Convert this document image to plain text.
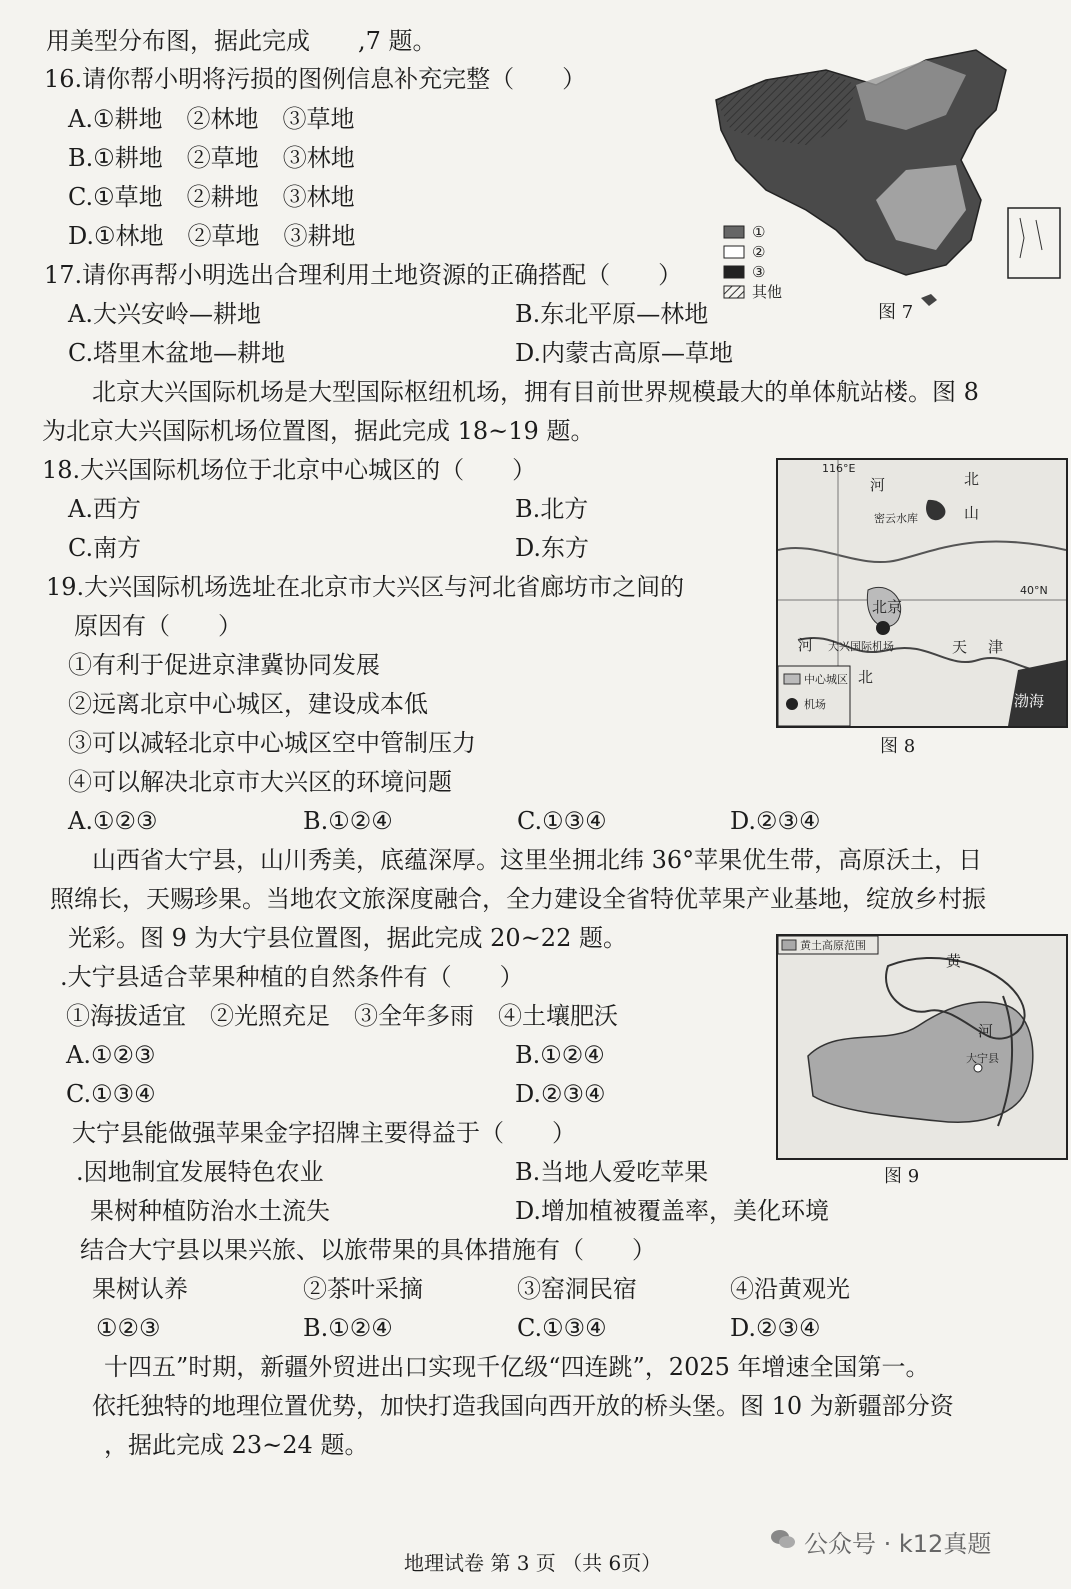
用美型分布图，据此完成　　,7 题。
16.请你帮小明将污损的图例信息补充完整（　　）
A.①耕地　②林地　③草地
B.①耕地　②草地　③林地
C.①草地　②耕地　③林地
D.①林地　②草地　③耕地
17.请你再帮小明选出合理利用土地资源的正确搭配（　　）
A.大兴安岭—耕地	B.东北平原—林地
C.塔里木盆地—耕地	D.内蒙古高原—草地
北京大兴国际机场是大型国际枢纽机场，拥有目前世界规模最大的单体航站楼。图 8
为北京大兴国际机场位置图，据此完成 18~19 题。
18.大兴国际机场位于北京中心城区的（　　）
A.西方	B.北方
C.南方	D.东方
19.大兴国际机场选址在北京市大兴区与河北省廊坊市之间的
原因有（　　）
①有利于促进京津冀协同发展
②远离北京中心城区，建设成本低
③可以减轻北京中心城区空中管制压力
④可以解决北京市大兴区的环境问题
A.①②③	B.①②④	C.①③④	D.②③④
山西省大宁县，山川秀美，底蕴深厚。这里坐拥北纬 36°苹果优生带，高原沃土，日
照绵长，天赐珍果。当地农文旅深度融合，全力建设全省特优苹果产业基地，绽放乡村振
光彩。图 9 为大宁县位置图，据此完成 20~22 题。
.大宁县适合苹果种植的自然条件有（　　）
①海拔适宜　②光照充足　③全年多雨　④土壤肥沃
A.①②③	B.①②④
C.①③④	D.②③④
大宁县能做强苹果金字招牌主要得益于（　　）
.因地制宜发展特色农业	B.当地人爱吃苹果
果树种植防治水土流失	D.增加植被覆盖率，美化环境
结合大宁县以果兴旅、以旅带果的具体措施有（　　）
果树认养	②茶叶采摘	③窑洞民宿	④沿黄观光
①②③	B.①②④	C.①③④	D.②③④
十四五”时期，新疆外贸进出口实现千亿级“四连跳”，2025 年增速全国第一。
依托独特的地理位置优势，加快打造我国向西开放的桥头堡。图 10 为新疆部分资
，据此完成 23~24 题。
①
②
③
其他
图 7
河	北
山
密云水库
40°N
116°E
北京
天 津
河
北
大兴国际机场
渤海
中心城区
机场
图 8
黄土高原范围
黄
河
大宁县
图 9
地理试卷 第 3 页 （共 6页）
公众号 · k12真题
